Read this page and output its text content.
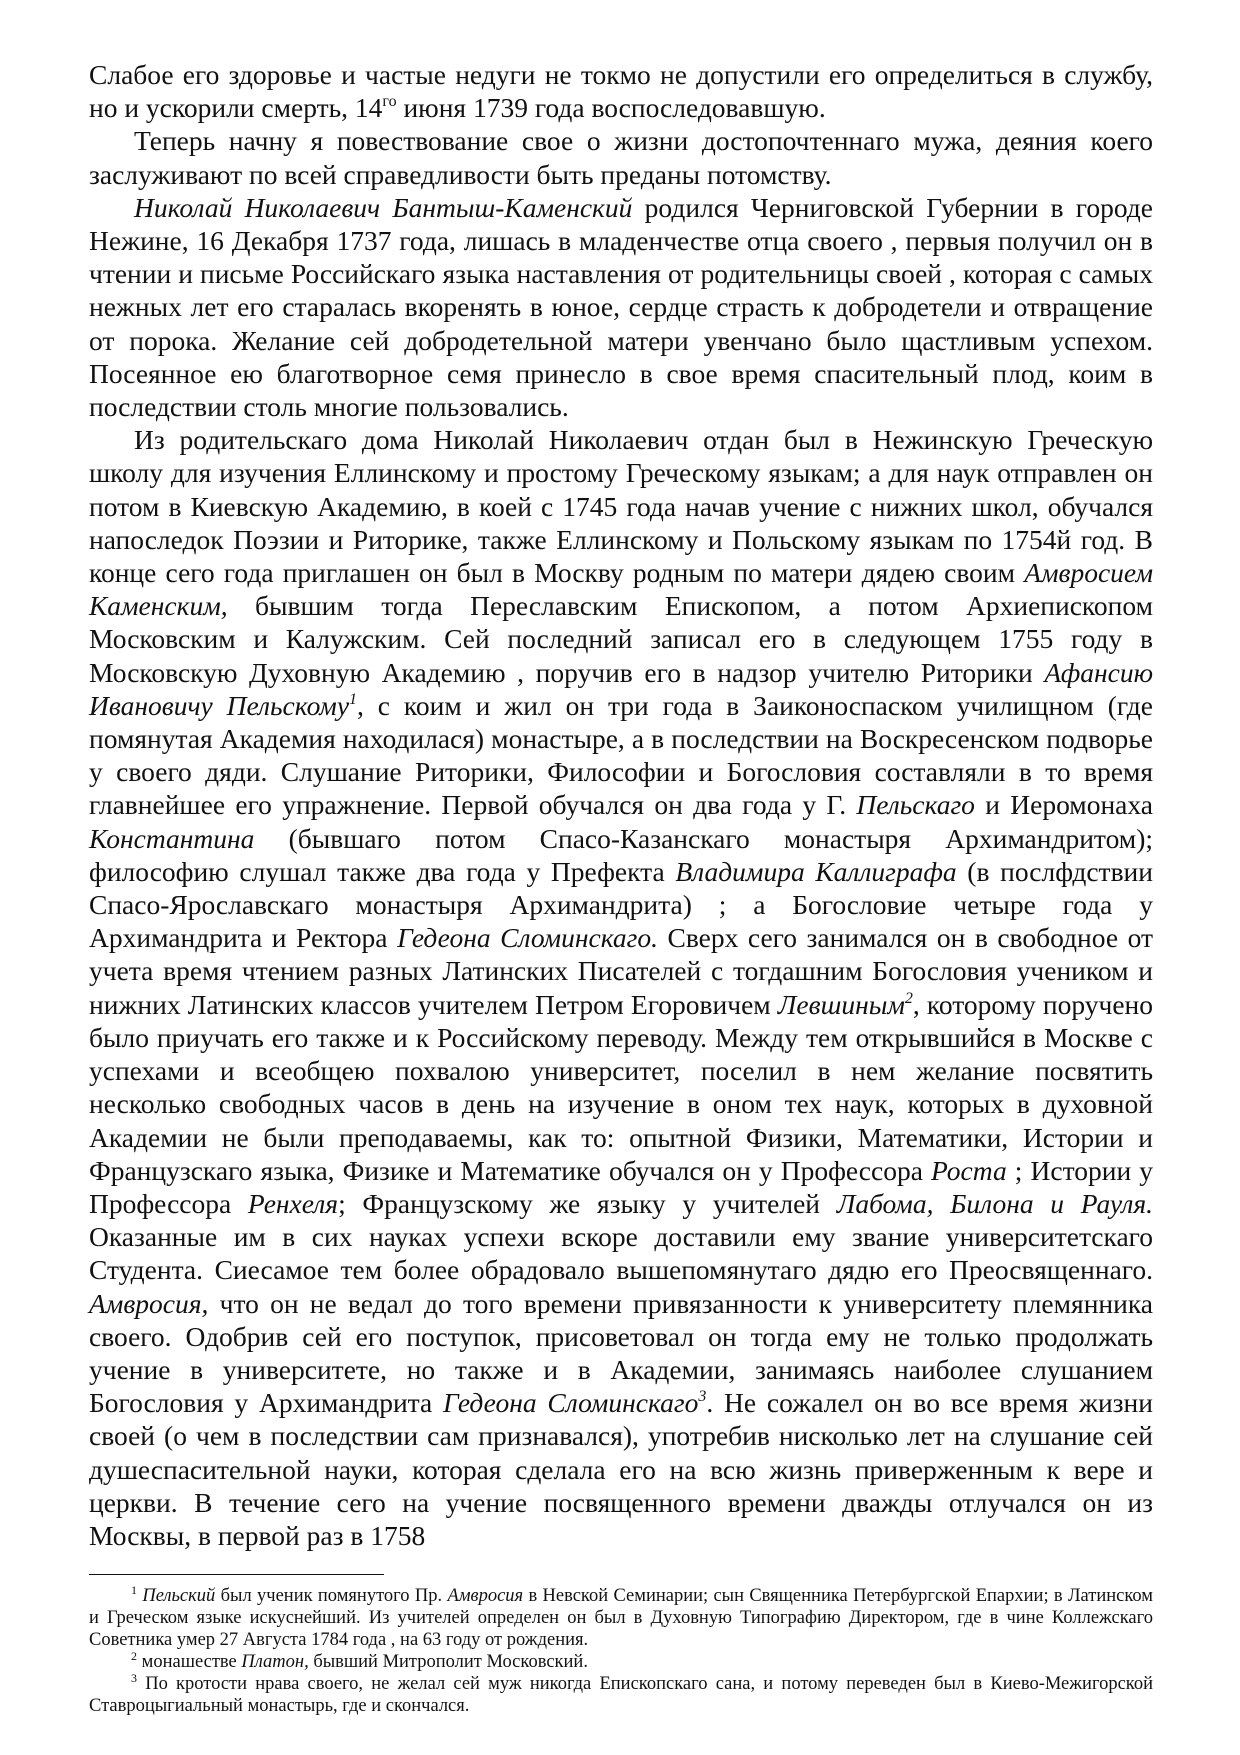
Слабое его здоровье и частые недуги не токмо не допустили его определиться в службу, но и ускорили смерть, $14^{го}$ июня 1739 года воспоследовавшую.

Теперь начну я повествование свое о жизни достопочтеннаго мужа, деяния коего заслуживают по всей справедливости быть преданы потомству.

Николай Николаевич Бантыш-Каменский родился Черниговской Губернии в городе Нежине, 16 Декабря 1737 года, лишась в младенчестве отца своего , первыя получил он в чтении и письме Российскаго языка наставления от родительницы своей , которая с самых нежных лет его старалась вкоренять в юное, сердце страсть к добродетели и отвращение от порока. Желание сей добродетельной матери увенчано было щастливым успехом. Посеянное ею благотворное семя принесло в свое время спасительный плод, коим в последствии столь многие пользовались.

Из родительскаго дома Николай Николаевич отдан был в Нежинскую Греческую школу для изучения Еллинскому и простому Греческому языкам; а для наук отправлен он потом в Киевскую Академию, в коей с 1745 года начав учение с нижних школ, обучался напоследок Поэзии и Риторике, также Еллинскому и Польскому языкам по 1754й год. В конце сего года приглашен он был в Москву родным по матери дядею своим Амвросием Каменским, бывшим тогда Переславским Епископом, а потом Архиепископом Московским и Калужским. Сей последний записал его в следующем 1755 году в Московскую Духовную Академию , поручив его в надзор учителю Риторики Афансию Ивановичу Пельскому$^1$, с коим и жил он три года в Заиконоспаском училищном (где помянутая Академия находилася) монастыре, а в последствии на Воскресенском подворье у своего дяди. Слушание Риторики, Философии и Богословия составляли в то время главнейшее его упражнение. Первой обучался он два года у Г. Пельскаго и Иеромонаха Константина (бывшаго потом Спасо-Казанскаго монастыря Архимандритом); философию слушал также два года у Префекта Владимира Каллиграфа (в послфдствии Спасо-Ярославскаго монастыря Архимандрита) ; а Богословие четыре года у Архимандрита и Ректора Гедеона Сломинскаго. Сверх сего занимался он в свободное от учета время чтением разных Латинских Писателей с тогдашним Богословия учеником и нижних Латинских классов учителем Петром Егоровичем Левшиным$^2$, которому поручено было приучать его также и к Российскому переводу. Между тем открывшийся в Москве с успехами и всеобщею похвалою университет, поселил в нем желание посвятить несколько свободных часов в день на изучение в оном тех наук, которых в духовной Академии не были преподаваемы, как то: опытной Физики, Математики, Истории и Французскаго языка, Физике и Математике обучался он у Профессора Роста ; Истории у Профессора Ренхеля; Французскому же языку у учителей Лабома, Билона и Рауля. Оказанные им в сих науках успехи вскоре доставили ему звание университетскаго Студента. Сиесамое тем более обрадовало вышепомянутаго дядю его Преосвященнаго. Амвросия, что он не ведал до того времени привязанности к университету племянника своего. Одобрив сей его поступок, присоветовал он тогда ему не только продолжать учение в университете, но также и в Академии, занимаясь наиболее слушанием Богословия у Архимандрита Гедеона Сломинскаго$^3$. Не сожалел он во все время жизни своей (о чем в последствии сам признавался), употребив нисколько лет на слушание сей душеспасительной науки, которая сделала его на всю жизнь приверженным к вере и церкви. В течение сего на учение посвященного времени дважды отлучался он из Москвы, в первой раз в 1758

$^1$ Пельский был ученик помянутого Пр. Амвросия в Невской Семинарии; сын Священника Петербургской Епархии; в Латинском и Греческом языке искуснейший. Из учителей определен он был в Духовную Типографию Директором, где в чине Коллежскаго Советника умер 27 Августа 1784 года , на 63 году от рождения.

$^2$ монашестве Платон, бывший Митрополит Московский.

$^3$ По кротости нрава своего, не желал сей муж никогда Епископскаго сана, и потому переведен был в Киево-Межигорской Ставроцыгиальный монастырь, где и скончался.
